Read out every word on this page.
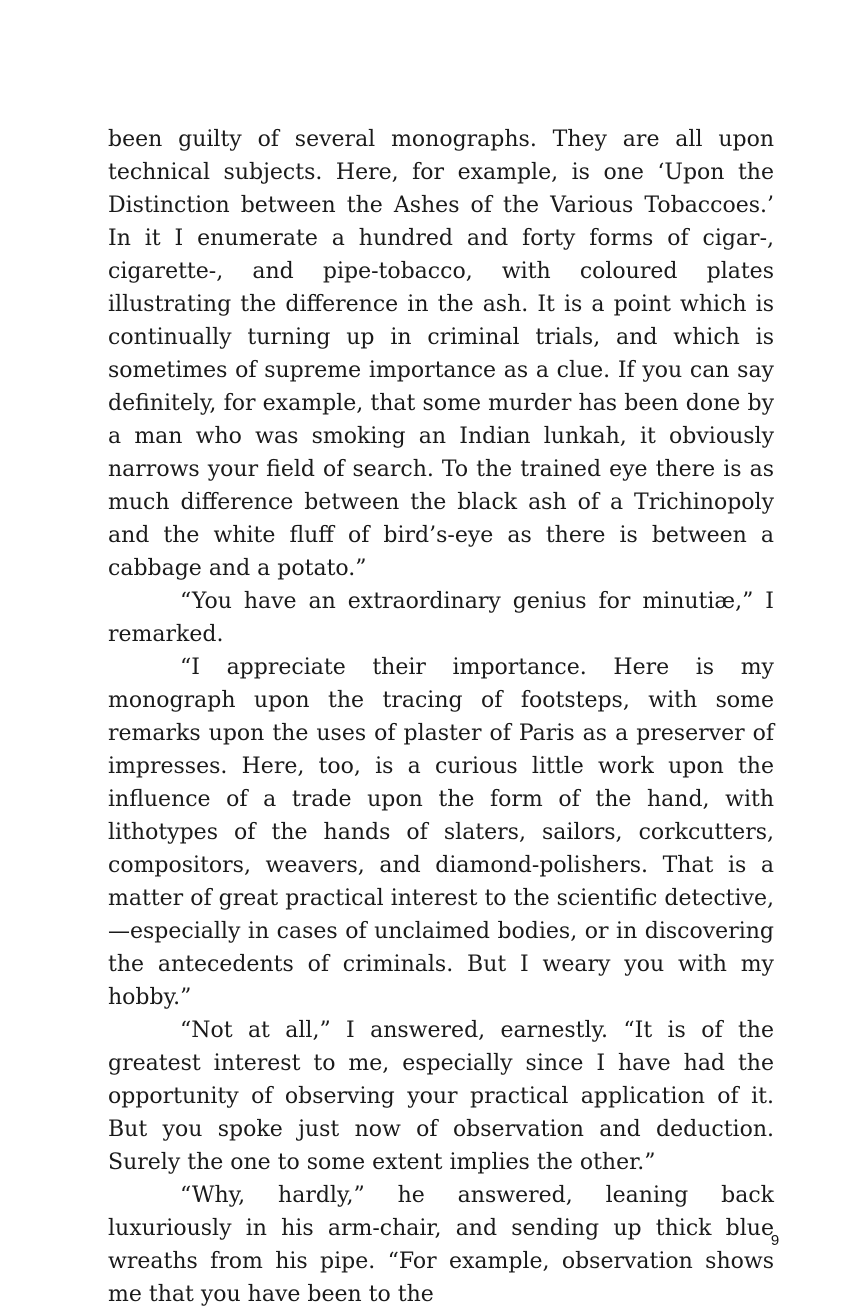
been guilty of several monographs. They are all upon technical subjects. Here, for example, is one ‘Upon the Distinction between the Ashes of the Various Tobaccoes.’ In it I enumerate a hundred and forty forms of cigar-, cigarette-, and pipe-tobacco, with coloured plates illustrating the difference in the ash. It is a point which is continually turning up in criminal trials, and which is sometimes of supreme importance as a clue. If you can say definitely, for example, that some murder has been done by a man who was smoking an Indian lunkah, it obviously narrows your field of search. To the trained eye there is as much difference between the black ash of a Trichinopoly and the white fluff of bird’s-eye as there is between a cabbage and a potato.”

“You have an extraordinary genius for minutiæ,” I remarked.

“I appreciate their importance. Here is my monograph upon the tracing of footsteps, with some remarks upon the uses of plaster of Paris as a preserver of impresses. Here, too, is a curious little work upon the influence of a trade upon the form of the hand, with lithotypes of the hands of slaters, sailors, corkcutters, compositors, weavers, and diamond-polishers. That is a matter of great practical interest to the scientific detective,—especially in cases of unclaimed bodies, or in discovering the antecedents of criminals. But I weary you with my hobby.”

“Not at all,” I answered, earnestly. “It is of the greatest interest to me, especially since I have had the opportunity of observing your practical application of it. But you spoke just now of observation and deduction. Surely the one to some extent implies the other.”

“Why, hardly,” he answered, leaning back luxuriously in his arm-chair, and sending up thick blue wreaths from his pipe. “For example, observation shows me that you have been to the

9
